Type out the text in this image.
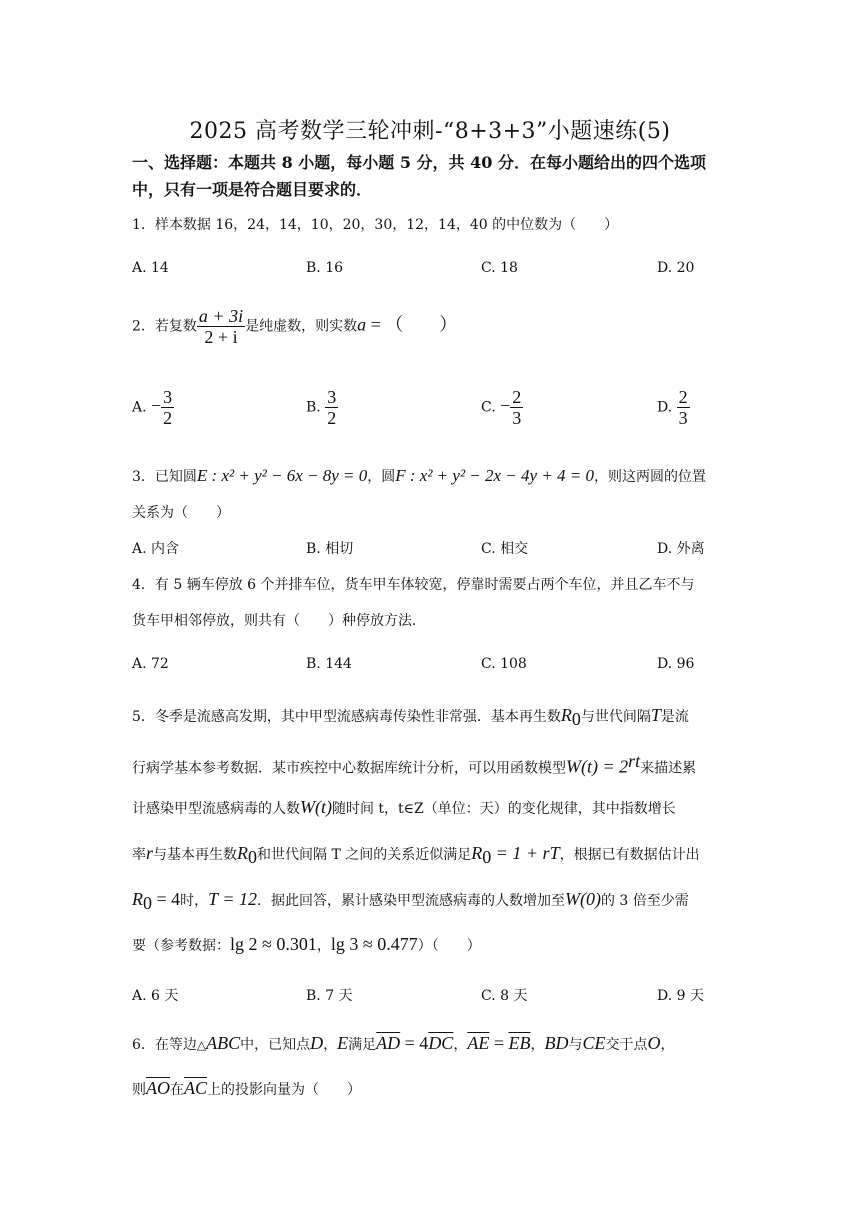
2025 高考数学三轮冲刺-“8+3+3”小题速练(5)
一、选择题：本题共 8 小题，每小题 5 分，共 40 分．在每小题给出的四个选项
中，只有一项是符合题目要求的．
1．样本数据 16，24，14，10，20，30，12，14，40 的中位数为（　　）
A. 14	B. 16	C. 18	D. 20
2．若复数 $\frac{a + 3i}{2 + i}$ 是纯虚数，则实数a = （　　）
A. − $\frac{3}{2}$	B. $\frac{3}{2}$	C. − $\frac{2}{3}$	D. $\frac{2}{3}$
3．已知圆E : x² + y² − 6x − 8y = 0，圆F : x² + y² − 2x − 4y + 4 = 0，则这两圆的位置
关系为（　　）
A. 内含	B. 相切	C. 相交	D. 外离
4．有 5 辆车停放 6 个并排车位，货车甲车体较宽，停靠时需要占两个车位，并且乙车不与
货车甲相邻停放，则共有（　　）种停放方法．
A. 72	B. 144	C. 108	D. 96
5．冬季是流感高发期，其中甲型流感病毒传染性非常强．基本再生数$R_0$与世代间隔T是流
行病学基本参考数据．某市疾控中心数据库统计分析，可以用函数模型$W(t) = 2^{rt}$来描述累
计感染甲型流感病毒的人数W(t)随时间 t，t∈Z（单位：天）的变化规律，其中指数增长
率r与基本再生数$R_0$和世代间隔 T 之间的关系近似满足$R_0 = 1$ + rT，根据已有数据估计出
$R_0 = 4$时，T = 12．据此回答，累计感染甲型流感病毒的人数增加至W(0)的 3 倍至少需
要（参考数据：lg 2 ≈ 0.301，lg 3 ≈ 0.477）（　　）
A. 6 天	B. 7 天	C. 8 天	D. 9 天
6．在等边△ABC中，已知点D，E满足$\overline{AD} = 4\overline{DC}$，$\overline{AE} = \overline{EB}$，BD与CE交于点O，
则$\overline{AO}$在$\overline{AC}$上的投影向量为（　　）
